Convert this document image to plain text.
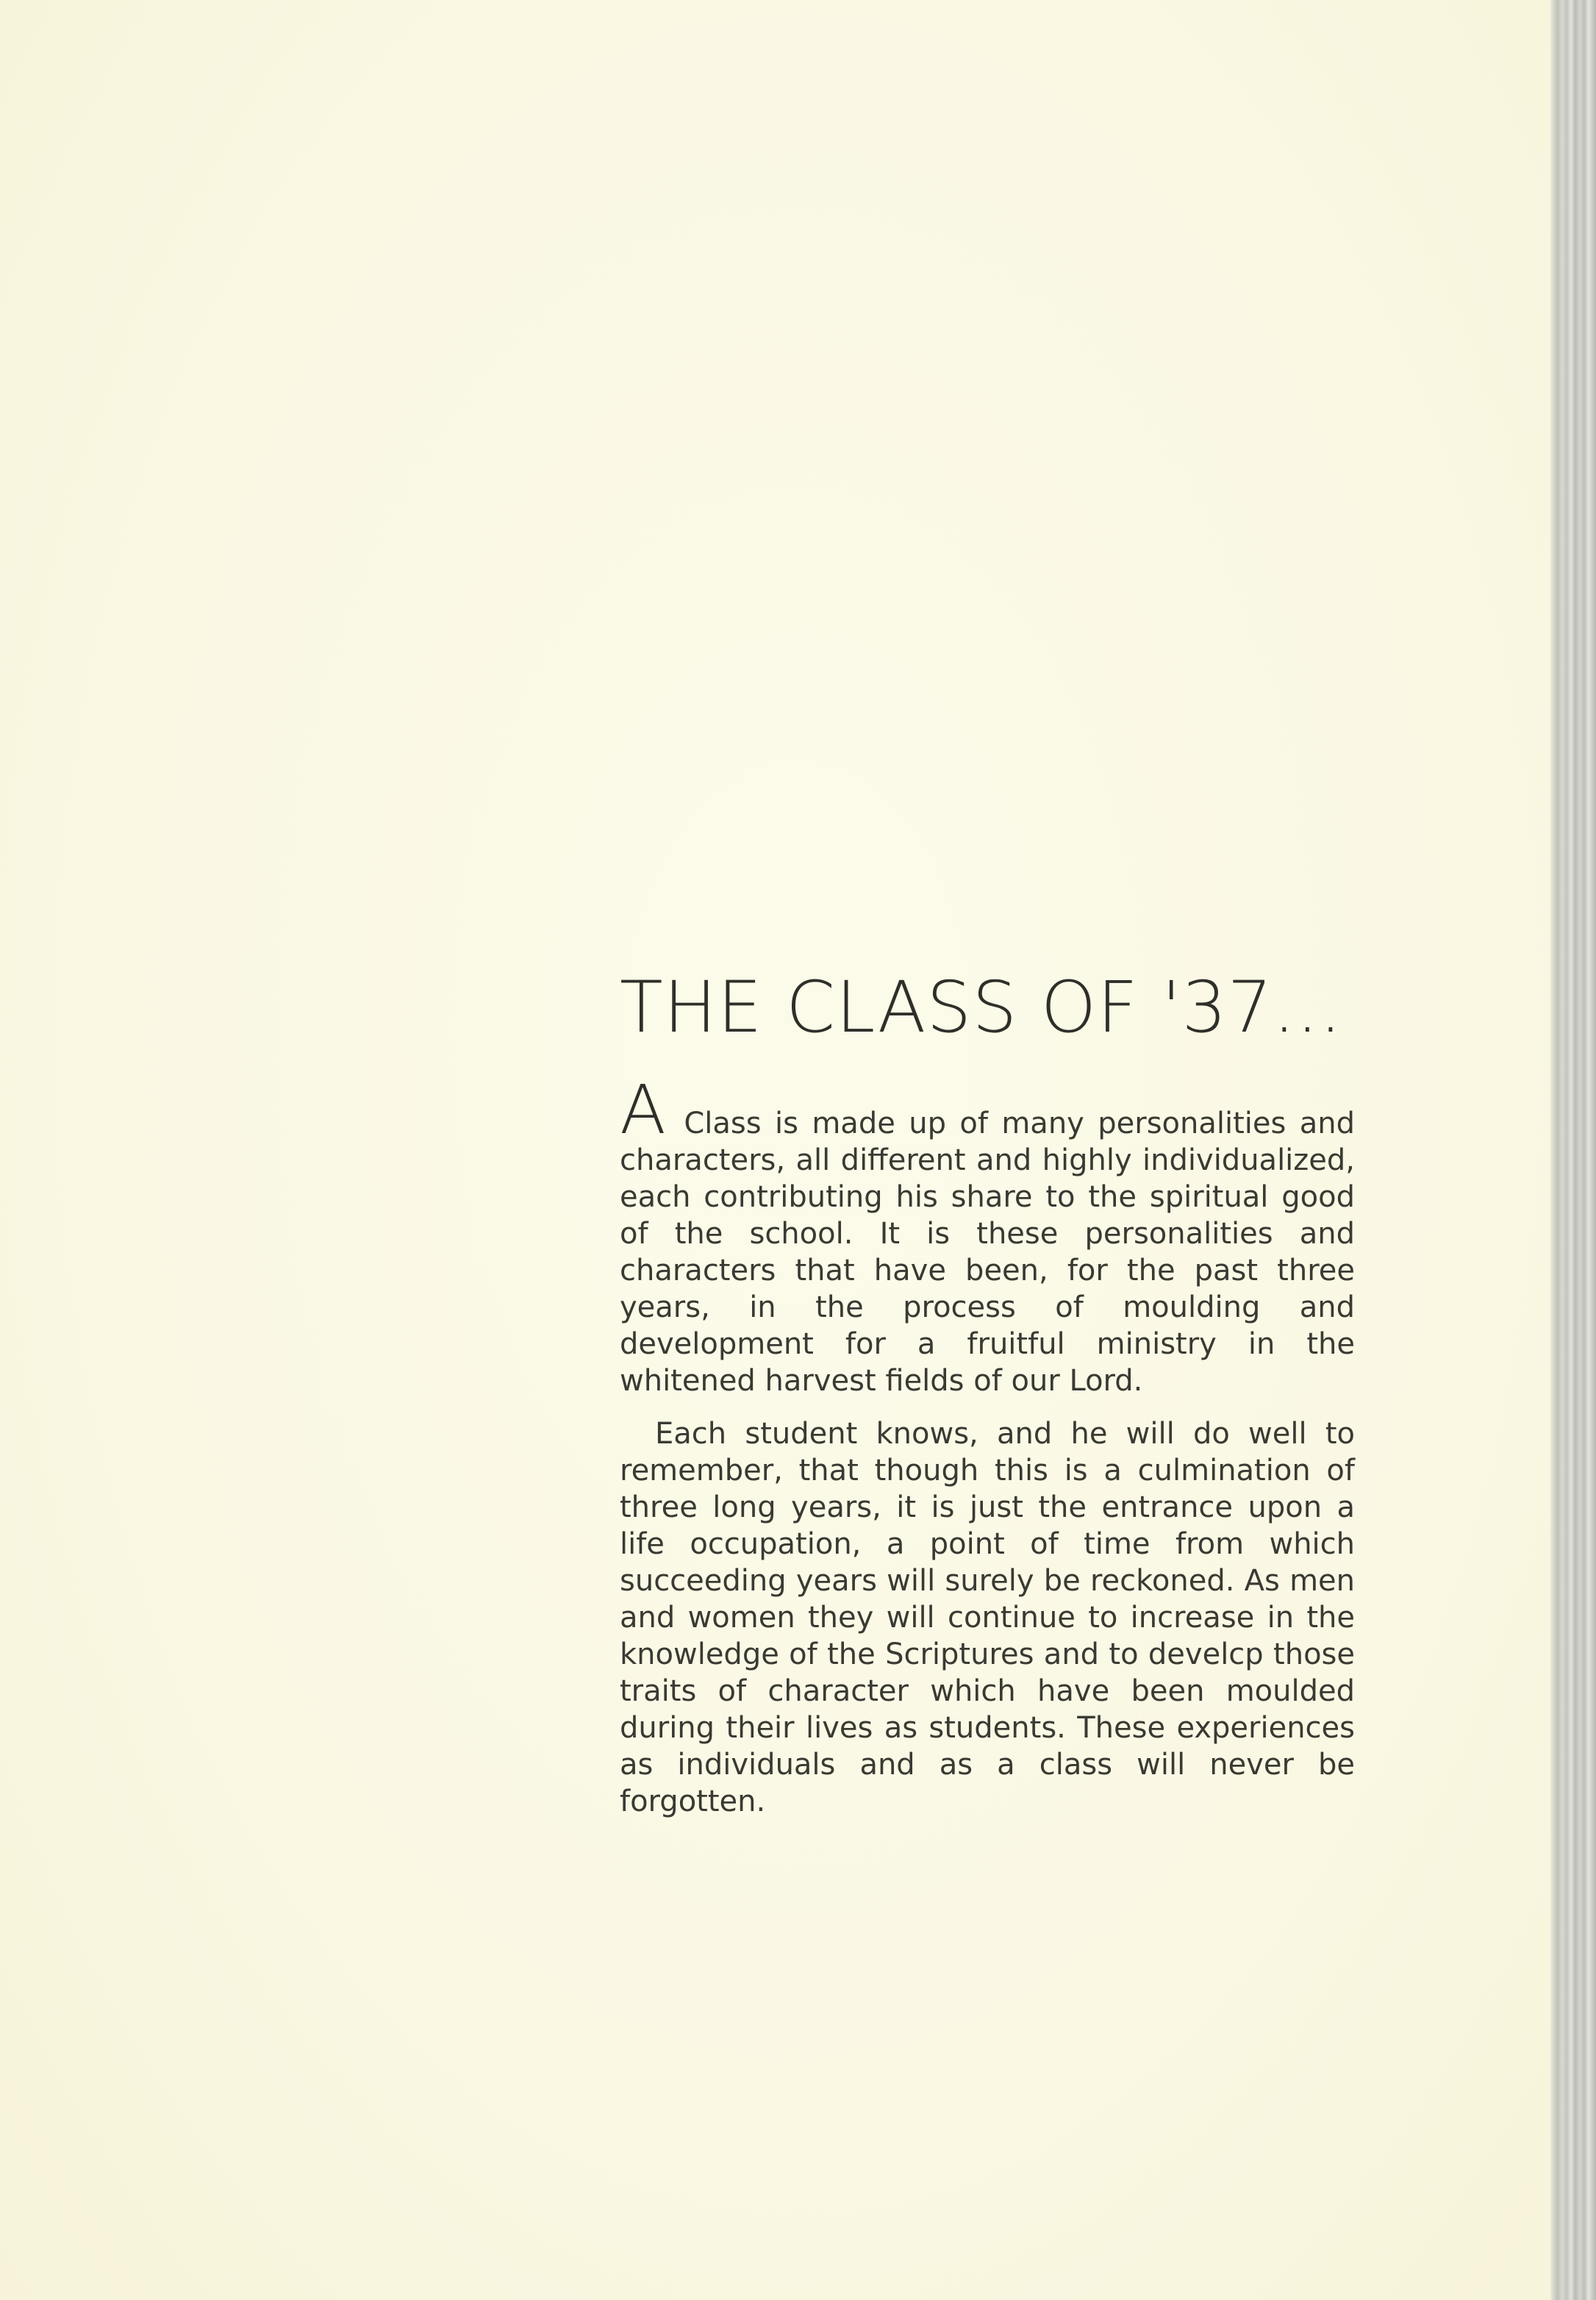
THE CLASS OF '37...

A Class is made up of many personalities and characters, all different and highly individualized, each contributing his share to the spiritual good of the school. It is these personalities and characters that have been, for the past three years, in the process of moulding and development for a fruitful ministry in the whitened harvest fields of our Lord.

Each student knows, and he will do well to remember, that though this is a culmination of three long years, it is just the entrance upon a life occupation, a point of time from which succeeding years will surely be reckoned. As men and women they will continue to increase in the knowledge of the Scriptures and to develcp those traits of character which have been moulded during their lives as students. These experiences as individuals and as a class will never be forgotten.
